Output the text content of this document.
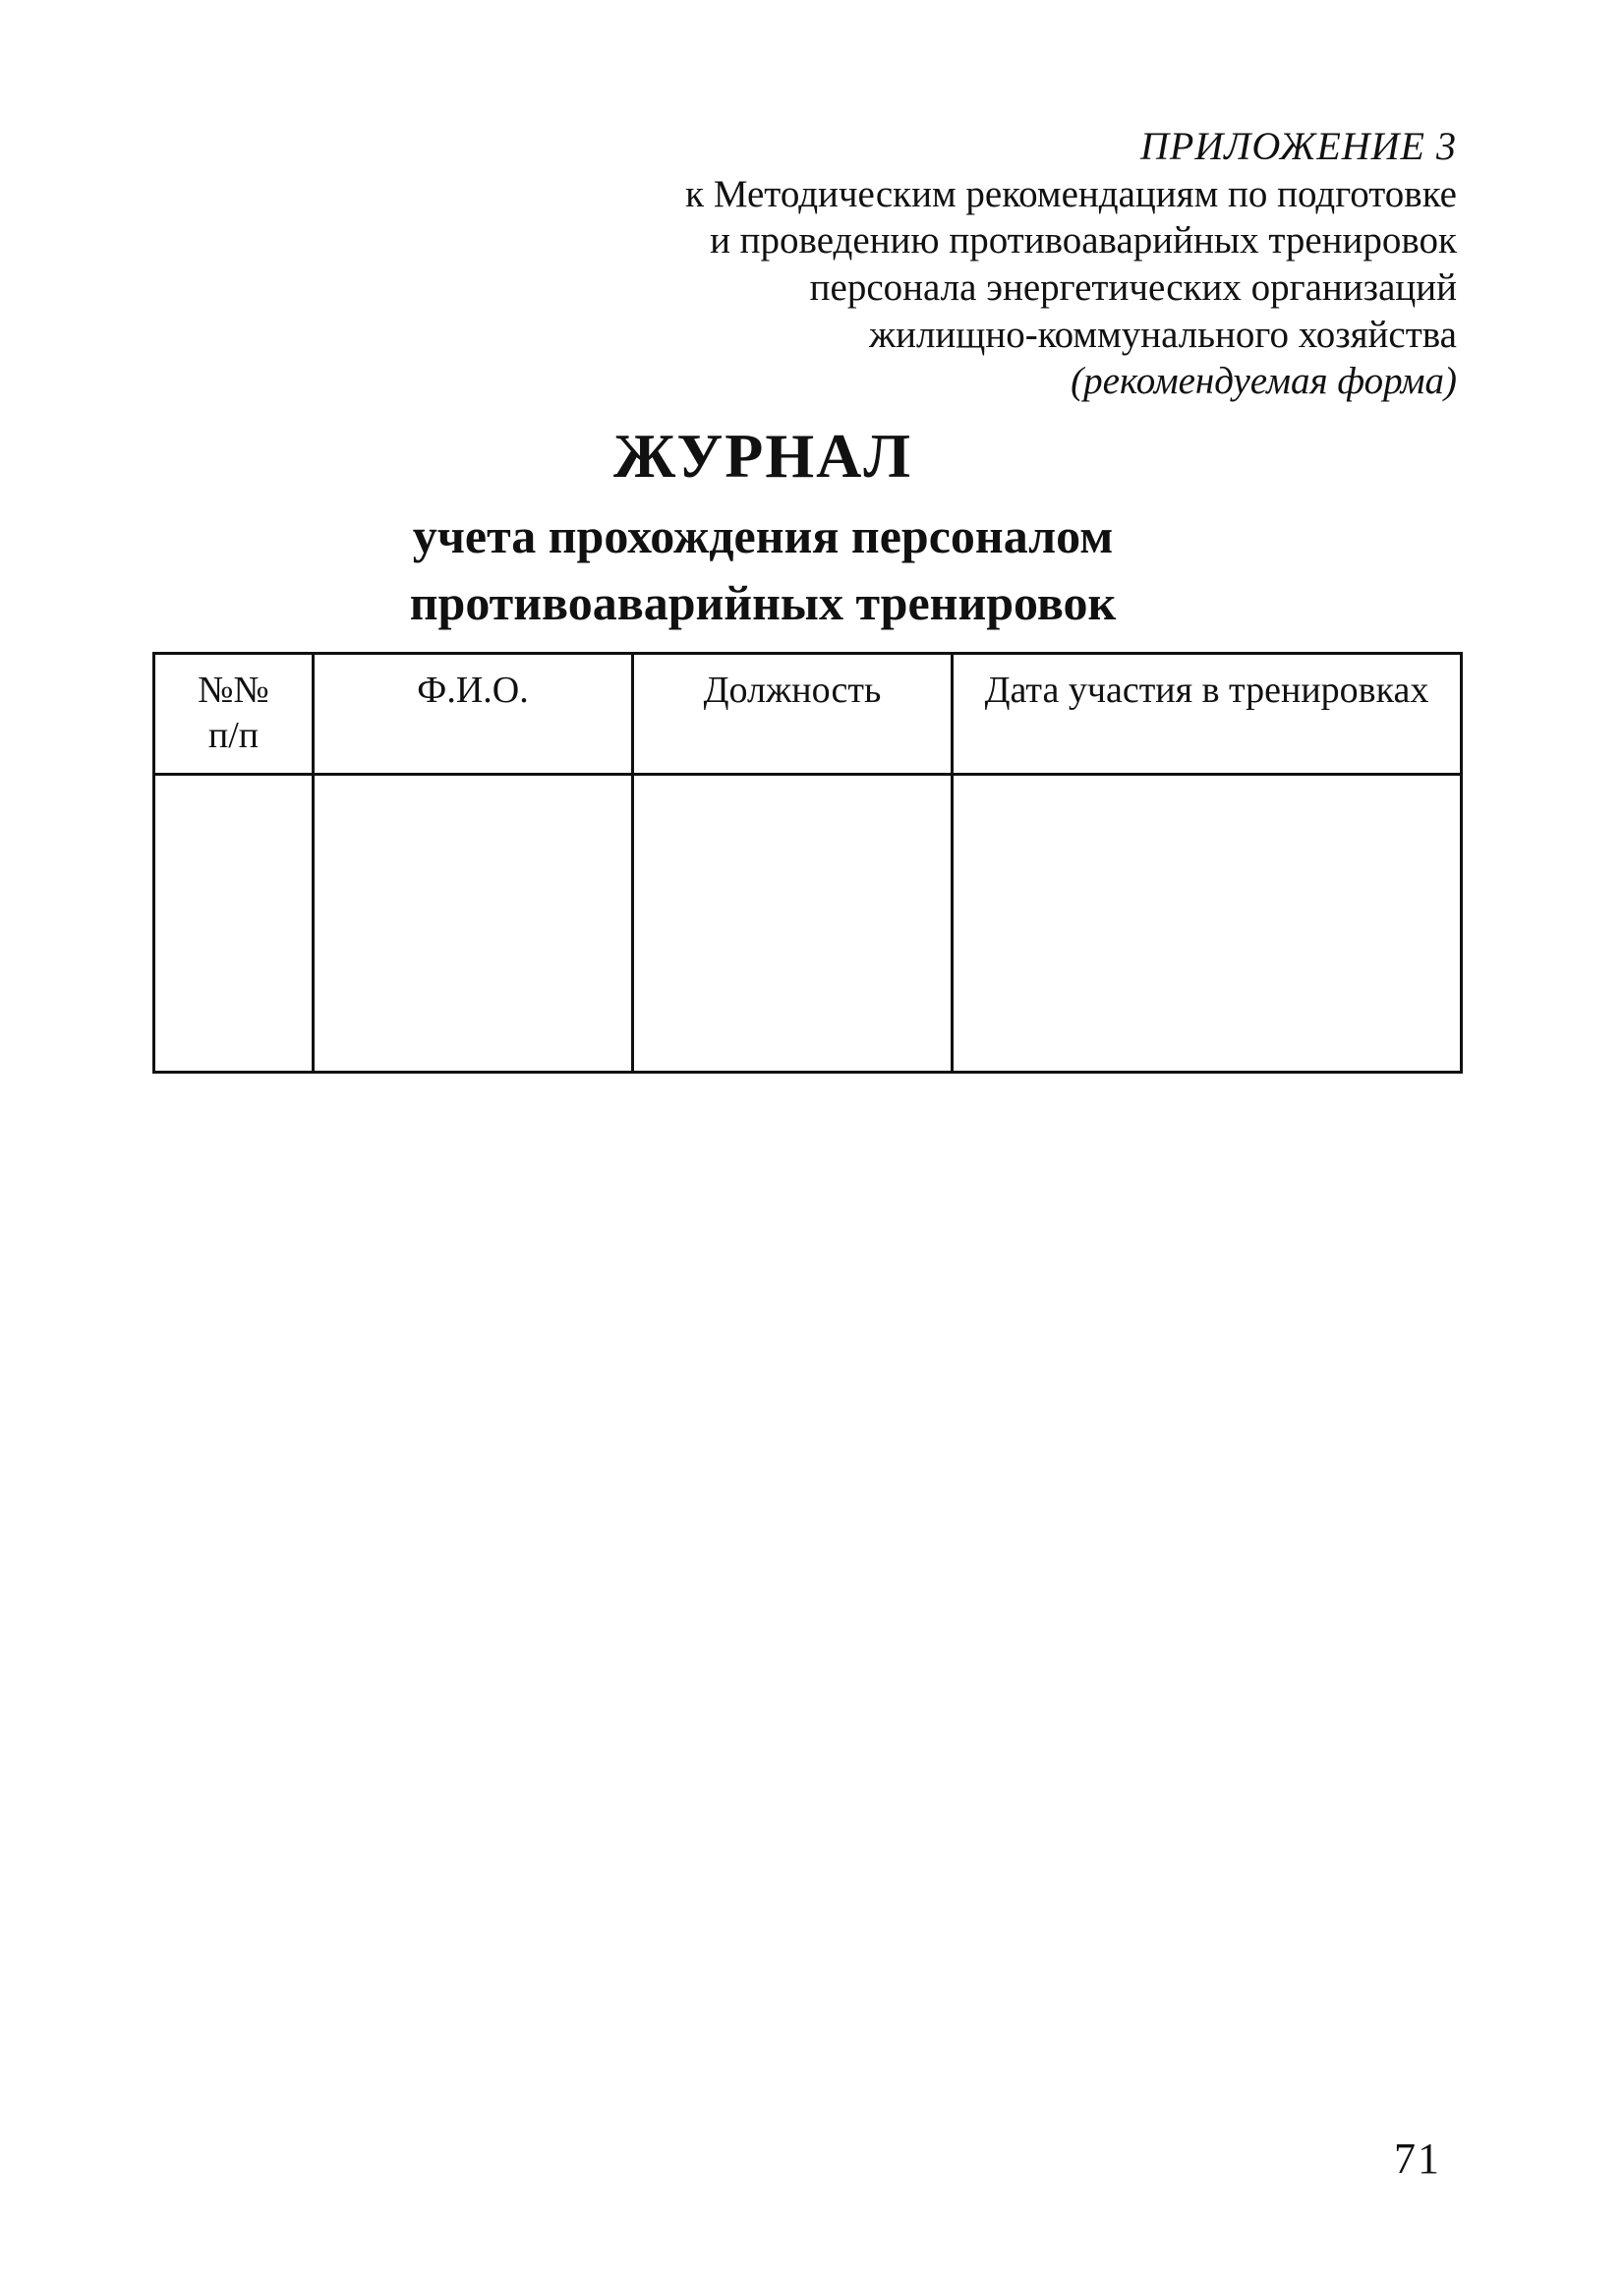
ПРИЛОЖЕНИЕ 3
к Методическим рекомендациям по подготовке
и проведению противоаварийных тренировок
персонала энергетических организаций
жилищно-коммунального хозяйства
(рекомендуемая форма)
ЖУРНАЛ
учета прохождения персоналом
противоаварийных тренировок
№№
п/п	Ф.И.О.	Должность	Дата участия в тренировках

71
